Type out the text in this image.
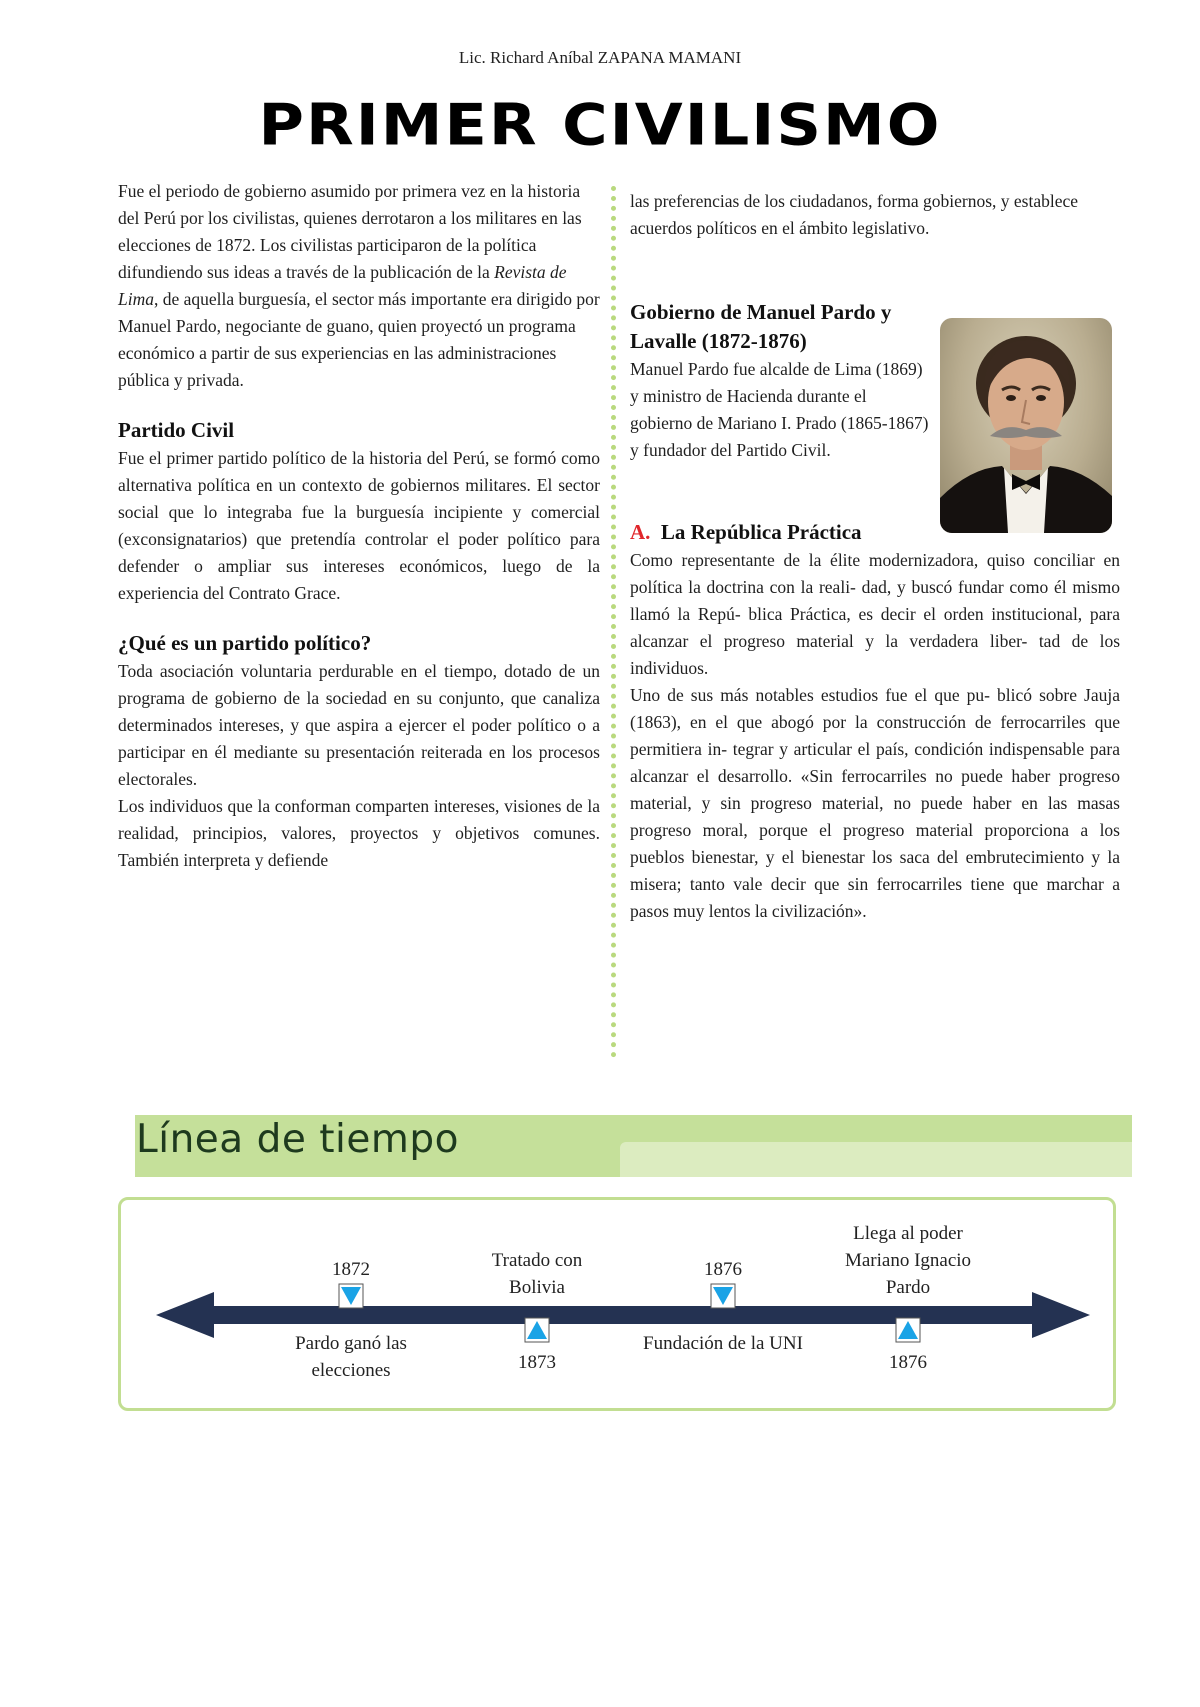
Lic. Richard Aníbal ZAPANA MAMANI
PRIMER CIVILISMO

Fue el periodo de gobierno asumido por primera vez en la historia del Perú por los civilistas, quienes derrotaron a los militares en las elecciones de 1872. Los civilistas participaron de la política difundiendo sus ideas a través de la publicación de la Revista de Lima, de aquella burguesía, el sector más importante era dirigido por Manuel Pardo, negociante de guano, quien proyectó un programa económico a partir de sus experiencias en las administraciones pública y privada.

Partido Civil

Fue el primer partido político de la historia del Perú, se formó como alternativa política en un contexto de gobiernos militares. El sector social que lo integraba fue la burguesía incipiente y comercial (exconsignatarios) que pretendía controlar el poder político para defender o ampliar sus intereses económicos, luego de la experiencia del Contrato Grace.

¿Qué es un partido político?

Toda asociación voluntaria perdurable en el tiempo, dotado de un programa de gobierno de la sociedad en su conjunto, que canaliza determinados intereses, y que aspira a ejercer el poder político o a participar en él mediante su presentación reiterada en los procesos electorales.

Los individuos que la conforman comparten intereses, visiones de la realidad, principios, valores, proyectos y objetivos comunes. También interpreta y defiende

las preferencias de los ciudadanos, forma gobiernos, y establece acuerdos políticos en el ámbito legislativo.

Gobierno de Manuel Pardo y Lavalle (1872-1876)

Manuel Pardo fue alcalde de Lima (1869) y ministro de Hacienda durante el gobierno de Mariano I. Prado (1865-1867) y fundador del Partido Civil.

A. La República Práctica

Como representante de la élite modernizadora, quiso conciliar en política la doctrina con la reali- dad, y buscó fundar como él mismo llamó la Repú- blica Práctica, es decir el orden institucional, para alcanzar el progreso material y la verdadera liber- tad de los individuos.

Uno de sus más notables estudios fue el que pu- blicó sobre Jauja (1863), en el que abogó por la construcción de ferrocarriles que permitiera in- tegrar y articular el país, condición indispensable para alcanzar el desarrollo. «Sin ferrocarriles no puede haber progreso material, y sin progreso material, no puede haber en las masas progreso moral, porque el progreso material proporciona a los pueblos bienestar, y el bienestar los saca del embrutecimiento y la misera; tanto vale decir que sin ferrocarriles tiene que marchar a pasos muy lentos la civilización».

Línea de tiempo
1872
Pardo ganó las elecciones	1873
Tratado con Bolivia
1876
Fundación de la UNI
1876
Llega al poder Mariano Ignacio Pardo
